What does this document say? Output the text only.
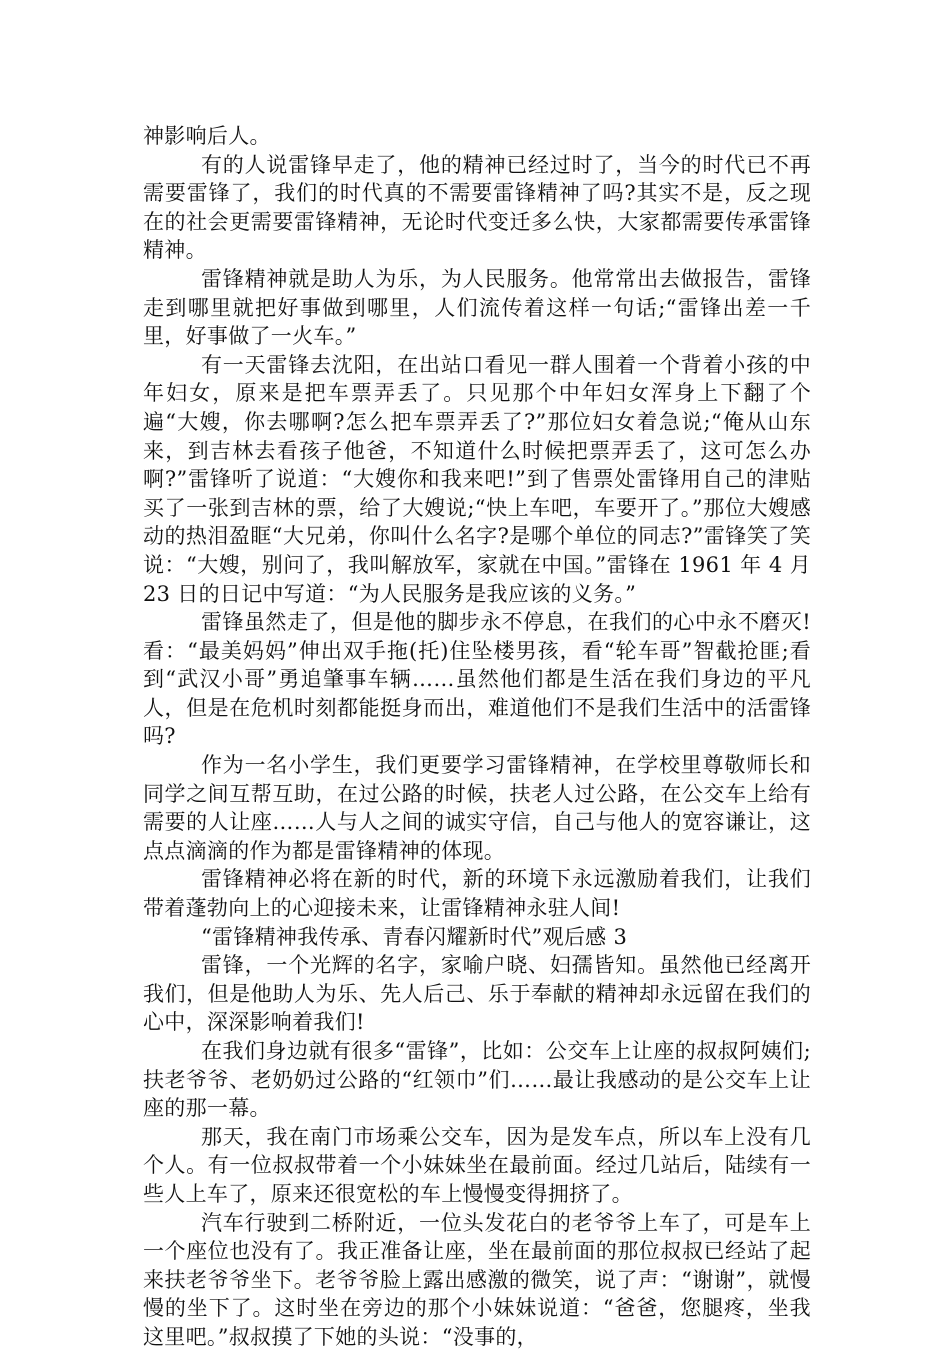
神影响后人。

有的人说雷锋早走了，他的精神已经过时了，当今的时代已不再需要雷锋了，我们的时代真的不需要雷锋精神了吗?其实不是，反之现在的社会更需要雷锋精神，无论时代变迁多么快，大家都需要传承雷锋精神。

雷锋精神就是助人为乐，为人民服务。他常常出去做报告，雷锋走到哪里就把好事做到哪里，人们流传着这样一句话;“雷锋出差一千里，好事做了一火车。”

有一天雷锋去沈阳，在出站口看见一群人围着一个背着小孩的中年妇女，原来是把车票弄丢了。只见那个中年妇女浑身上下翻了个遍“大嫂，你去哪啊?怎么把车票弄丢了?”那位妇女着急说;“俺从山东来，到吉林去看孩子他爸，不知道什么时候把票弄丢了，这可怎么办啊?”雷锋听了说道：“大嫂你和我来吧!”到了售票处雷锋用自己的津贴买了一张到吉林的票，给了大嫂说;“快上车吧，车要开了。”那位大嫂感动的热泪盈眶“大兄弟，你叫什么名字?是哪个单位的同志?”雷锋笑了笑说：“大嫂，别问了，我叫解放军，家就在中国。”雷锋在 1961 年 4 月 23 日的日记中写道：“为人民服务是我应该的义务。”

雷锋虽然走了，但是他的脚步永不停息，在我们的心中永不磨灭!看：“最美妈妈”伸出双手拖(托)住坠楼男孩，看“轮车哥”智截抢匪;看到“武汉小哥”勇追肇事车辆……虽然他们都是生活在我们身边的平凡人，但是在危机时刻都能挺身而出，难道他们不是我们生活中的活雷锋吗?

作为一名小学生，我们更要学习雷锋精神，在学校里尊敬师长和同学之间互帮互助，在过公路的时候，扶老人过公路，在公交车上给有需要的人让座……人与人之间的诚实守信，自己与他人的宽容谦让，这点点滴滴的作为都是雷锋精神的体现。

雷锋精神必将在新的时代，新的环境下永远激励着我们，让我们带着蓬勃向上的心迎接未来，让雷锋精神永驻人间!

“雷锋精神我传承、青春闪耀新时代”观后感 3

雷锋，一个光辉的名字，家喻户晓、妇孺皆知。虽然他已经离开我们，但是他助人为乐、先人后己、乐于奉献的精神却永远留在我们的心中，深深影响着我们!

在我们身边就有很多“雷锋”，比如：公交车上让座的叔叔阿姨们;扶老爷爷、老奶奶过公路的“红领巾”们……最让我感动的是公交车上让座的那一幕。

那天，我在南门市场乘公交车，因为是发车点，所以车上没有几个人。有一位叔叔带着一个小妹妹坐在最前面。经过几站后，陆续有一些人上车了，原来还很宽松的车上慢慢变得拥挤了。

汽车行驶到二桥附近，一位头发花白的老爷爷上车了，可是车上一个座位也没有了。我正准备让座，坐在最前面的那位叔叔已经站了起来扶老爷爷坐下。老爷爷脸上露出感激的微笑，说了声：“谢谢”，就慢慢的坐下了。这时坐在旁边的那个小妹妹说道：“爸爸，您腿疼，坐我这里吧。”叔叔摸了下她的头说：“没事的，
